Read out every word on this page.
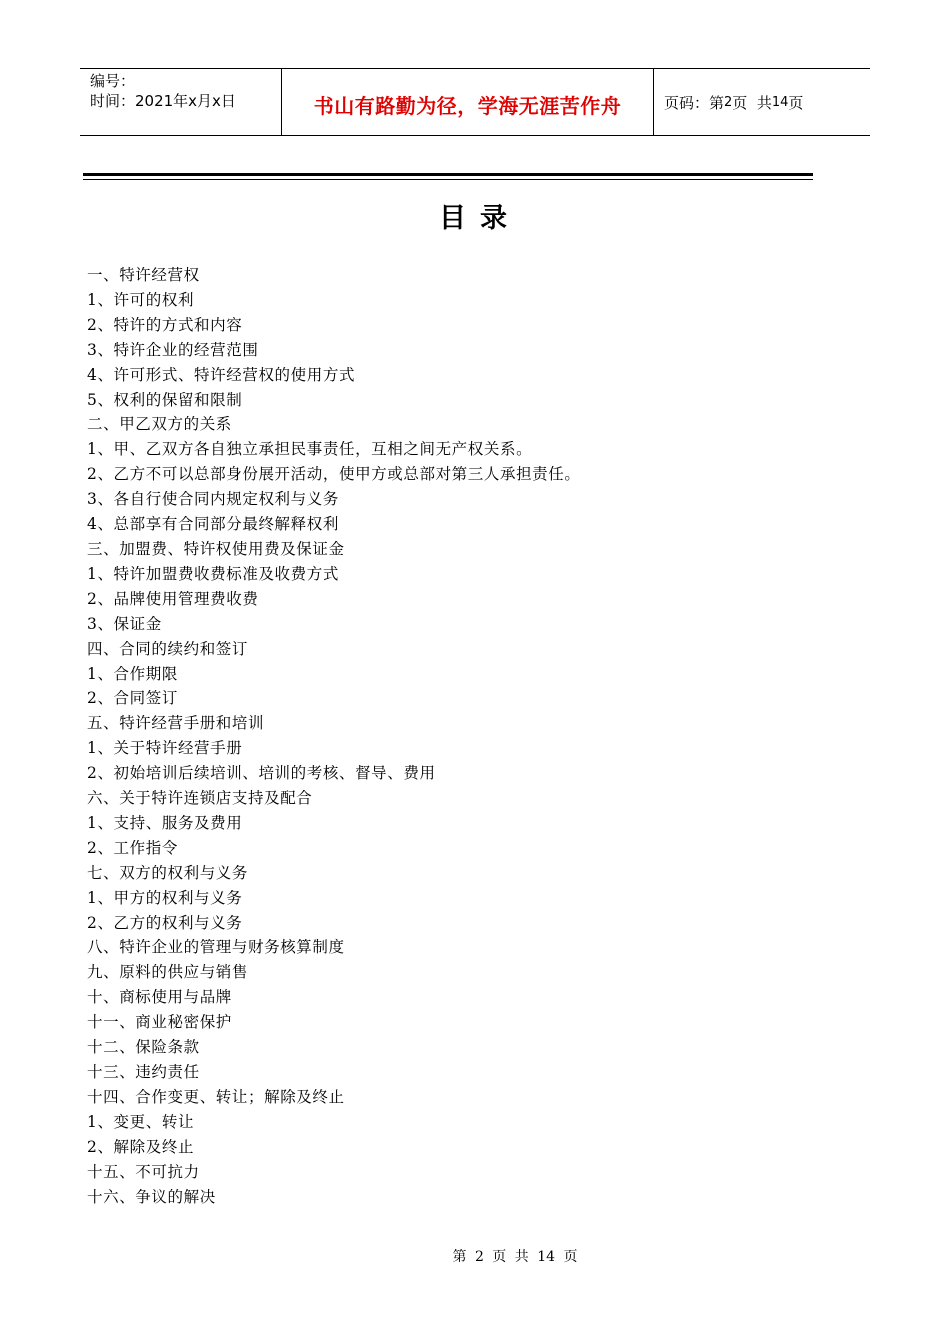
编号：
时间：2021年x月x日	书山有路勤为径，学海无涯苦作舟	页码：第 2 页  共 14 页
目录
一、特许经营权
1、许可的权利
2、特许的方式和内容
3、特许企业的经营范围
4、许可形式、特许经营权的使用方式
5、权利的保留和限制
二、甲乙双方的关系
1、甲、乙双方各自独立承担民事责任，互相之间无产权关系。
2、乙方不可以总部身份展开活动，使甲方或总部对第三人承担责任。
3、各自行使合同内规定权利与义务
4、总部享有合同部分最终解释权利
三、加盟费、特许权使用费及保证金
1、特许加盟费收费标准及收费方式
2、品牌使用管理费收费
3、保证金
四、合同的续约和签订
1、合作期限
2、合同签订
五、特许经营手册和培训
1、关于特许经营手册
2、初始培训后续培训、培训的考核、督导、费用
六、关于特许连锁店支持及配合
1、支持、服务及费用
2、工作指令
七、双方的权利与义务
1、甲方的权利与义务
2、乙方的权利与义务
八、特许企业的管理与财务核算制度
九、原料的供应与销售
十、商标使用与品牌
十一、商业秘密保护
十二、保险条款
十三、违约责任
十四、合作变更、转让；解除及终止
1、变更、转让
2、解除及终止
十五、不可抗力
十六、争议的解决
第 2 页 共 14 页
